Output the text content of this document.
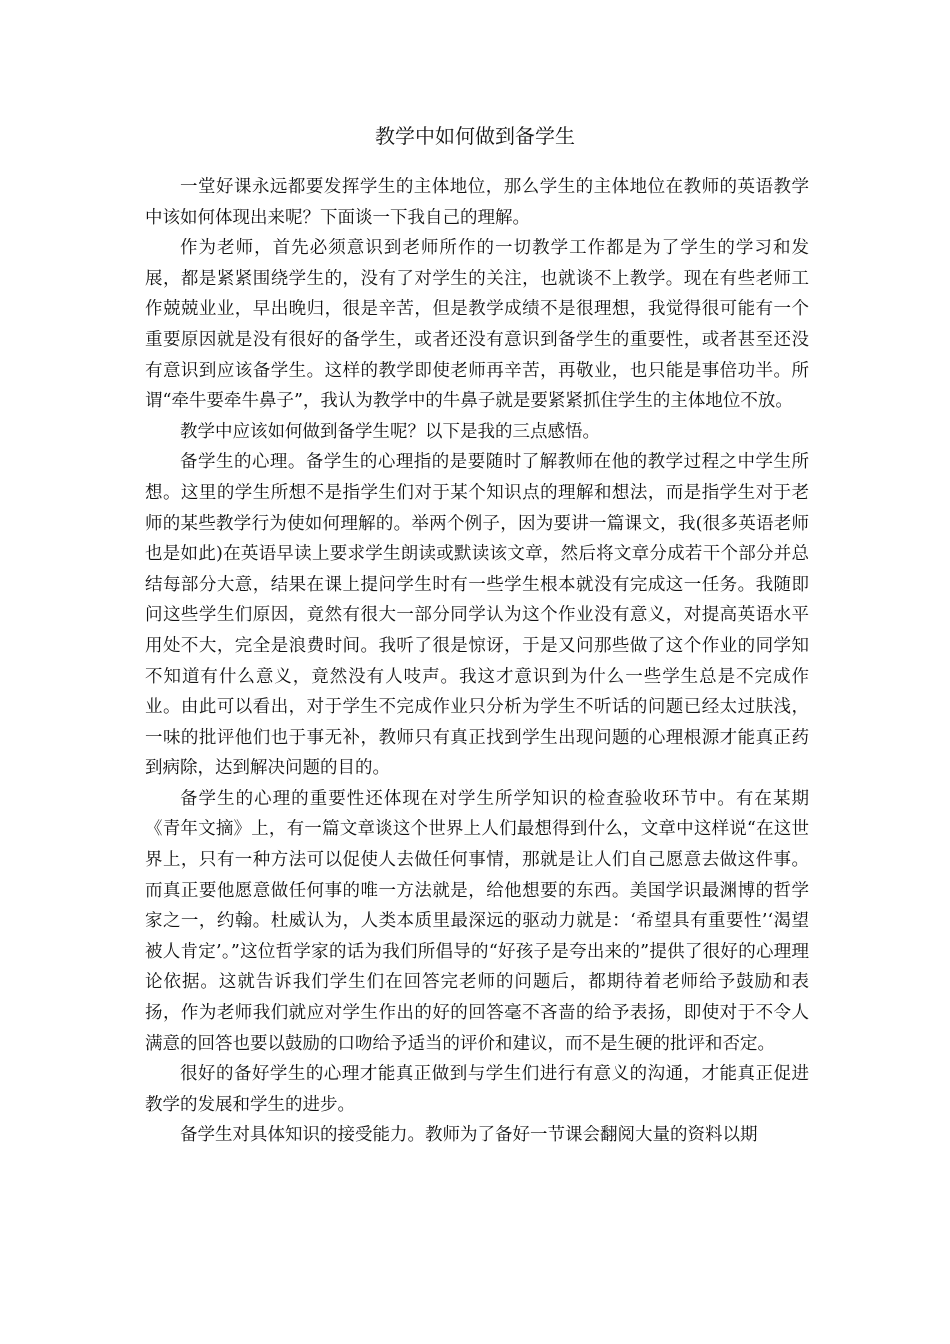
教学中如何做到备学生

一堂好课永远都要发挥学生的主体地位，那么学生的主体地位在教师的英语教学中该如何体现出来呢？下面谈一下我自己的理解。

作为老师，首先必须意识到老师所作的一切教学工作都是为了学生的学习和发展，都是紧紧围绕学生的，没有了对学生的关注，也就谈不上教学。现在有些老师工作兢兢业业，早出晚归，很是辛苦，但是教学成绩不是很理想，我觉得很可能有一个重要原因就是没有很好的备学生，或者还没有意识到备学生的重要性，或者甚至还没有意识到应该备学生。这样的教学即使老师再辛苦，再敬业，也只能是事倍功半。所谓“牵牛要牵牛鼻子”，我认为教学中的牛鼻子就是要紧紧抓住学生的主体地位不放。

教学中应该如何做到备学生呢？以下是我的三点感悟。

备学生的心理。备学生的心理指的是要随时了解教师在他的教学过程之中学生所想。这里的学生所想不是指学生们对于某个知识点的理解和想法，而是指学生对于老师的某些教学行为使如何理解的。举两个例子，因为要讲一篇课文，我(很多英语老师也是如此)在英语早读上要求学生朗读或默读该文章，然后将文章分成若干个部分并总结每部分大意，结果在课上提问学生时有一些学生根本就没有完成这一任务。我随即问这些学生们原因，竟然有很大一部分同学认为这个作业没有意义，对提高英语水平用处不大，完全是浪费时间。我听了很是惊讶，于是又问那些做了这个作业的同学知不知道有什么意义，竟然没有人吱声。我这才意识到为什么一些学生总是不完成作业。由此可以看出，对于学生不完成作业只分析为学生不听话的问题已经太过肤浅，一味的批评他们也于事无补，教师只有真正找到学生出现问题的心理根源才能真正药到病除，达到解决问题的目的。

备学生的心理的重要性还体现在对学生所学知识的检查验收环节中。有在某期《青年文摘》上，有一篇文章谈这个世界上人们最想得到什么，文章中这样说“在这世界上，只有一种方法可以促使人去做任何事情，那就是让人们自己愿意去做这件事。而真正要他愿意做任何事的唯一方法就是，给他想要的东西。美国学识最渊博的哲学家之一，约翰。杜威认为，人类本质里最深远的驱动力就是：‘希望具有重要性’‘渴望被人肯定’。”这位哲学家的话为我们所倡导的“好孩子是夸出来的”提供了很好的心理理论依据。这就告诉我们学生们在回答完老师的问题后，都期待着老师给予鼓励和表扬，作为老师我们就应对学生作出的好的回答毫不吝啬的给予表扬，即使对于不令人满意的回答也要以鼓励的口吻给予适当的评价和建议，而不是生硬的批评和否定。

很好的备好学生的心理才能真正做到与学生们进行有意义的沟通，才能真正促进教学的发展和学生的进步。

备学生对具体知识的接受能力。教师为了备好一节课会翻阅大量的资料以期
